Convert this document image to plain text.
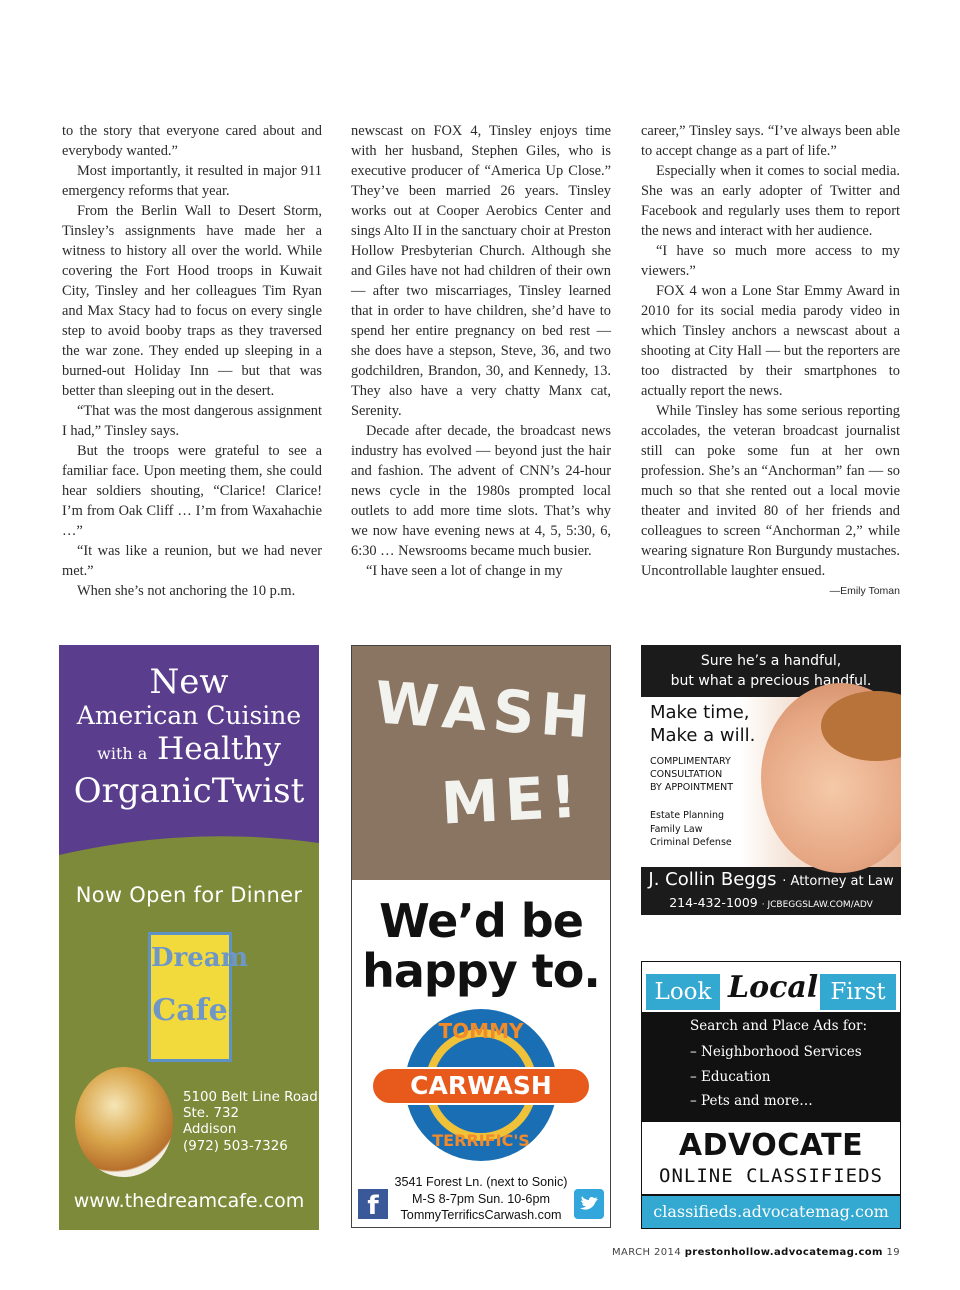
to the story that everyone cared about and everybody wanted.”

Most importantly, it resulted in major 911 emergency reforms that year.

From the Berlin Wall to Desert Storm, Tinsley’s assignments have made her a witness to history all over the world. While covering the Fort Hood troops in Kuwait City, Tinsley and her colleagues Tim Ryan and Max Stacy had to focus on every single step to avoid booby traps as they traversed the war zone. They ended up sleeping in a burned-out Holiday Inn — but that was better than sleeping out in the desert.

“That was the most dangerous assignment I had,” Tinsley says.

But the troops were grateful to see a familiar face. Upon meeting them, she could hear soldiers shouting, “Clarice! Clarice! I’m from Oak Cliff … I’m from Waxahachie …”

“It was like a reunion, but we had never met.”

When she’s not anchoring the 10 p.m.

newscast on FOX 4, Tinsley enjoys time with her husband, Stephen Giles, who is executive producer of “America Up Close.” They’ve been married 26 years. Tinsley works out at Cooper Aerobics Center and sings Alto II in the sanctuary choir at Preston Hollow Presbyterian Church. Although she and Giles have not had children of their own — after two miscarriages, Tinsley learned that in order to have children, she’d have to spend her entire pregnancy on bed rest — she does have a stepson, Steve, 36, and two godchildren, Brandon, 30, and Kennedy, 13. They also have a very chatty Manx cat, Serenity.

Decade after decade, the broadcast news industry has evolved — beyond just the hair and fashion. The advent of CNN’s 24-hour news cycle in the 1980s prompted local outlets to add more time slots. That’s why we now have evening news at 4, 5, 5:30, 6, 6:30 … Newsrooms became much busier.

“I have seen a lot of change in my

career,” Tinsley says. “I’ve always been able to accept change as a part of life.”

Especially when it comes to social media. She was an early adopter of Twitter and Facebook and regularly uses them to report the news and interact with her audience.

“I have so much more access to my viewers.”

FOX 4 won a Lone Star Emmy Award in 2010 for its social media parody video in which Tinsley anchors a newscast about a shooting at City Hall — but the reporters are too distracted by their smartphones to actually report the news.

While Tinsley has some serious reporting accolades, the veteran broadcast journalist still can poke some fun at her own profession. She’s an “Anchorman” fan — so much so that she rented out a local movie theater and invited 80 of her friends and colleagues to screen “Anchorman 2,” while wearing signature Ron Burgundy mustaches. Uncontrollable laughter ensued.

—Emily Toman

New
American Cuisine
with a Healthy
OrganicTwist
Now Open for Dinner
Dream
Cafe
5100 Belt Line Road
Ste. 732
Addison
(972) 503-7326
www.thedreamcafe.com
WASH
ME!
We’d be
happy to.
TOMMY
CARWASH
TERRIFIC'S
3541 Forest Ln. (next to Sonic)
M-S 8-7pm Sun. 10-6pm
TommyTerrificsCarwash.com
f
Sure he’s a handful,
but what a precious handful.
Make time,
Make a will.
COMPLIMENTARY
CONSULTATION
BY APPOINTMENT
Estate Planning
Family Law
Criminal Defense
J. Collin Beggs · Attorney at Law
214-432-1009 · JCBEGGSLAW.COM/ADV
Look Local First
Search and Place Ads for:
– Neighborhood Services
– Education
– Pets and more…
ADVOCATE
ONLINE CLASSIFIEDS
classifieds.advocatemag.com
MARCH 2014 prestonhollow.advocatemag.com 19
